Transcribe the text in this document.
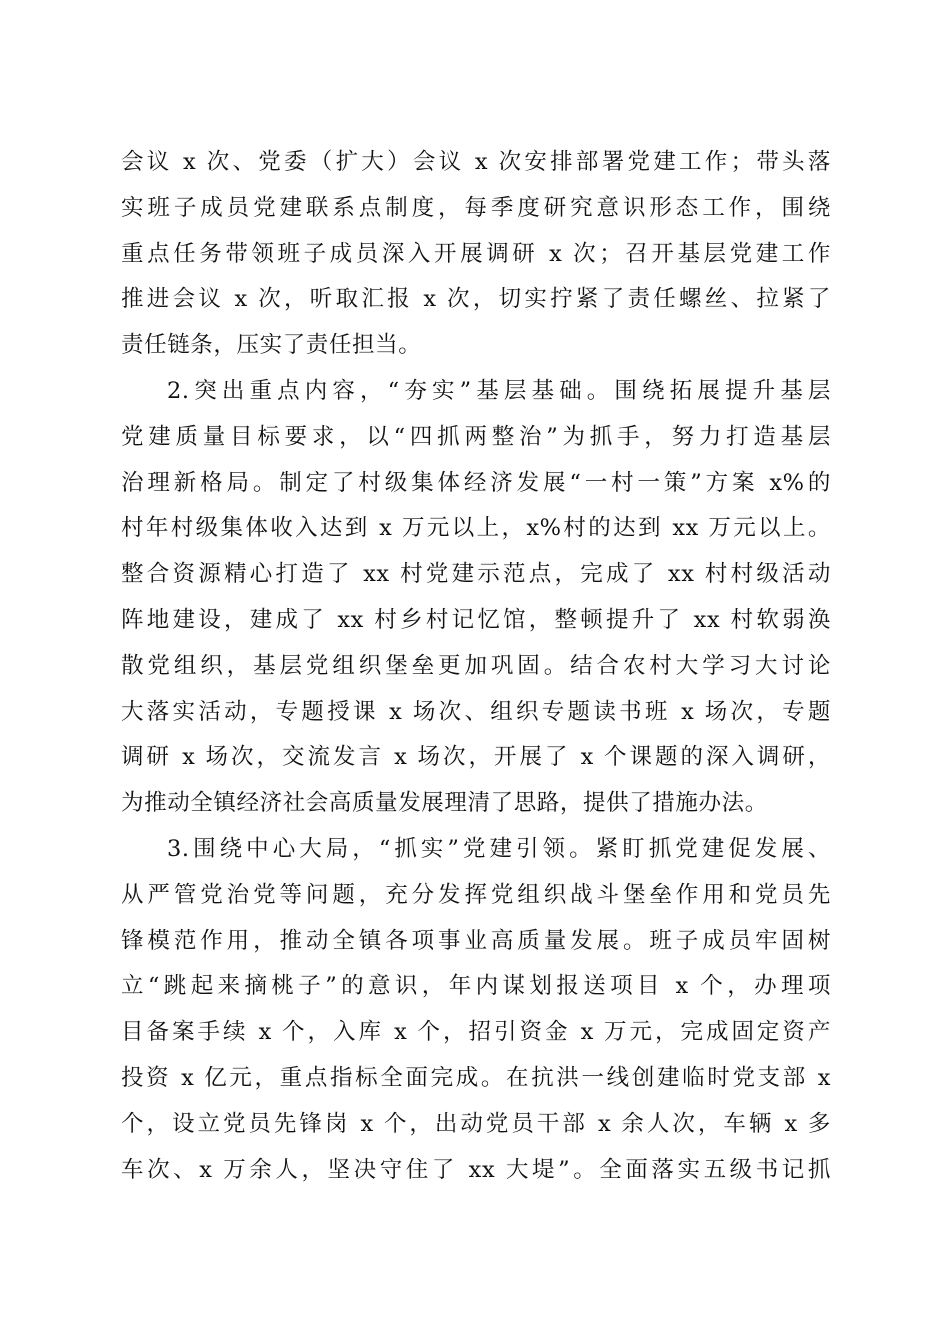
会议 x 次、党委（扩大）会议 x 次安排部署党建工作；带头落
实班子成员党建联系点制度，每季度研究意识形态工作，围绕
重点任务带领班子成员深入开展调研 x 次；召开基层党建工作
推进会议 x 次，听取汇报 x 次，切实拧紧了责任螺丝、拉紧了
责任链条，压实了责任担当。
2.突出重点内容，“夯实”基层基础。围绕拓展提升基层
党建质量目标要求，以“四抓两整治”为抓手，努力打造基层
治理新格局。制定了村级集体经济发展“一村一策”方案 x%的
村年村级集体收入达到 x 万元以上，x%村的达到 xx 万元以上。
整合资源精心打造了 xx 村党建示范点，完成了 xx 村村级活动
阵地建设，建成了 xx 村乡村记忆馆，整顿提升了 xx 村软弱涣
散党组织，基层党组织堡垒更加巩固。结合农村大学习大讨论
大落实活动，专题授课 x 场次、组织专题读书班 x 场次，专题
调研 x 场次，交流发言 x 场次，开展了 x 个课题的深入调研，
为推动全镇经济社会高质量发展理清了思路，提供了措施办法。
3.围绕中心大局，“抓实”党建引领。紧盯抓党建促发展、
从严管党治党等问题，充分发挥党组织战斗堡垒作用和党员先
锋模范作用，推动全镇各项事业高质量发展。班子成员牢固树
立“跳起来摘桃子”的意识，年内谋划报送项目 x 个，办理项
目备案手续 x 个，入库 x 个，招引资金 x 万元，完成固定资产
投资 x 亿元，重点指标全面完成。在抗洪一线创建临时党支部 x
个，设立党员先锋岗 x 个，出动党员干部 x 余人次，车辆 x 多
车次、x 万余人，坚决守住了 xx 大堤”。全面落实五级书记抓
